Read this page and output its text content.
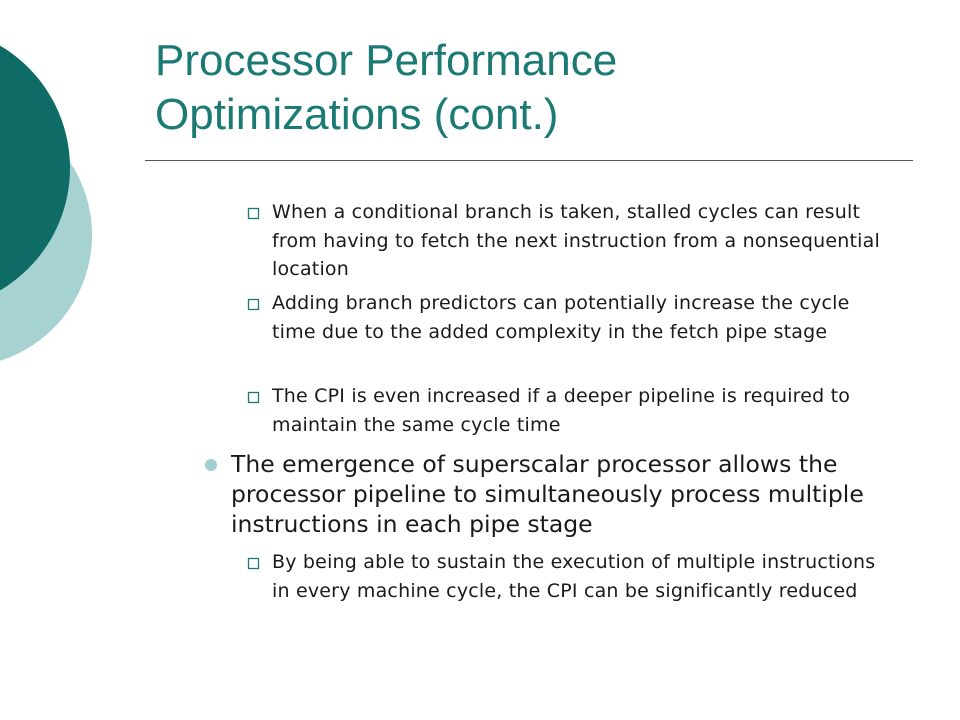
Processor Performance
Optimizations (cont.)
When a conditional branch is taken, stalled cycles can result from having to fetch the next instruction from a nonsequential location
Adding branch predictors can potentially increase the cycle time due to the added complexity in the fetch pipe stage
The CPI is even increased if a deeper pipeline is required to maintain the same cycle time
The emergence of superscalar processor allows the processor pipeline to simultaneously process multiple instructions in each pipe stage
By being able to sustain the execution of multiple instructions in every machine cycle, the CPI can be significantly reduced
